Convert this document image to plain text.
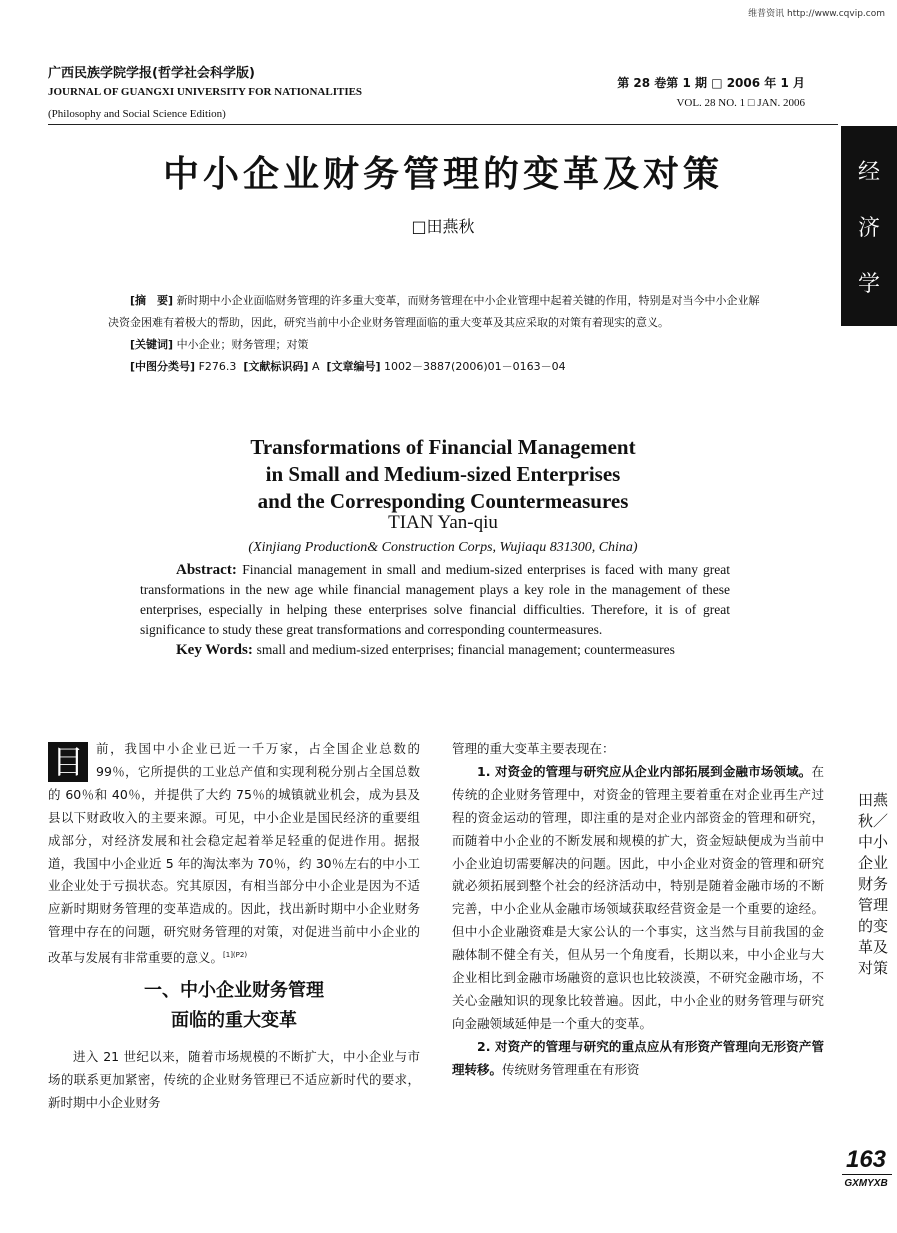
维普资讯 http://www.cqvip.com
广西民族学院学报(哲学社会科学版)
JOURNAL OF GUANGXI UNIVERSITY FOR NATIONALITIES
(Philosophy and Social Science Edition)
第 28 卷第 1 期 □ 2006 年 1 月
VOL. 28 NO. 1 □ JAN. 2006
经
济
学
中小企业财务管理的变革及对策
□田燕秋

[摘　要] 新时期中小企业面临财务管理的许多重大变革，而财务管理在中小企业管理中起着关键的作用，特别是对当今中小企业解决资金困难有着极大的帮助，因此，研究当前中小企业财务管理面临的重大变革及其应采取的对策有着现实的意义。

[关键词] 中小企业；财务管理；对策

[中图分类号] F276.3 [文献标识码] A [文章编号] 1002－3887(2006)01－0163－04

Transformations of Financial Management
in Small and Medium-sized Enterprises
and the Corresponding Countermeasures
TIAN Yan-qiu
(Xinjiang Production& Construction Corps, Wujiaqu 831300, China)

Abstract: Financial management in small and medium-sized enterprises is faced with many great transformations in the new age while financial management plays a key role in the management of these enterprises, especially in helping these enterprises solve financial difficulties. Therefore, it is of great significance to study these great transformations and corresponding countermeasures.

Key Words: small and medium-sized enterprises; financial management; countermeasures

目 前，我国中小企业已近一千万家，占全国企业总数的 99％，它所提供的工业总产值和实现利税分别占全国总数的 60％和 40％，并提供了大约 75％的城镇就业机会，成为县及县以下财政收入的主要来源。可见，中小企业是国民经济的重要组成部分，对经济发展和社会稳定起着举足轻重的促进作用。据报道，我国中小企业近 5 年的淘汰率为 70％，约 30％左右的中小工业企业处于亏损状态。究其原因，有相当部分中小企业是因为不适应新时期财务管理的变革造成的。因此，找出新时期中小企业财务管理中存在的问题，研究财务管理的对策，对促进当前中小企业的改革与发展有非常重要的意义。$^{[1](P2)}$

一、中小企业财务管理
面临的重大变革

进入 21 世纪以来，随着市场规模的不断扩大，中小企业与市场的联系更加紧密，传统的企业财务管理已不适应新时代的要求，新时期中小企业财务

管理的重大变革主要表现在：

1. 对资金的管理与研究应从企业内部拓展到金融市场领域。在传统的企业财务管理中，对资金的管理主要着重在对企业再生产过程的资金运动的管理，即注重的是对企业内部资金的管理和研究，而随着中小企业的不断发展和规模的扩大，资金短缺便成为当前中小企业迫切需要解决的问题。因此，中小企业对资金的管理和研究就必须拓展到整个社会的经济活动中，特别是随着金融市场的不断完善，中小企业从金融市场领域获取经营资金是一个重要的途经。但中小企业融资难是大家公认的一个事实，这当然与目前我国的金融体制不健全有关，但从另一个角度看，长期以来，中小企业与大企业相比到金融市场融资的意识也比较淡漠，不研究金融市场，不关心金融知识的现象比较普遍。因此，中小企业的财务管理与研究向金融领域延伸是一个重大的变革。

2. 对资产的管理与研究的重点应从有形资产管理向无形资产管理转移。传统财务管理重在有形资

田燕秋／中小企业财务管理的变革及对策
163
GXMYXB
